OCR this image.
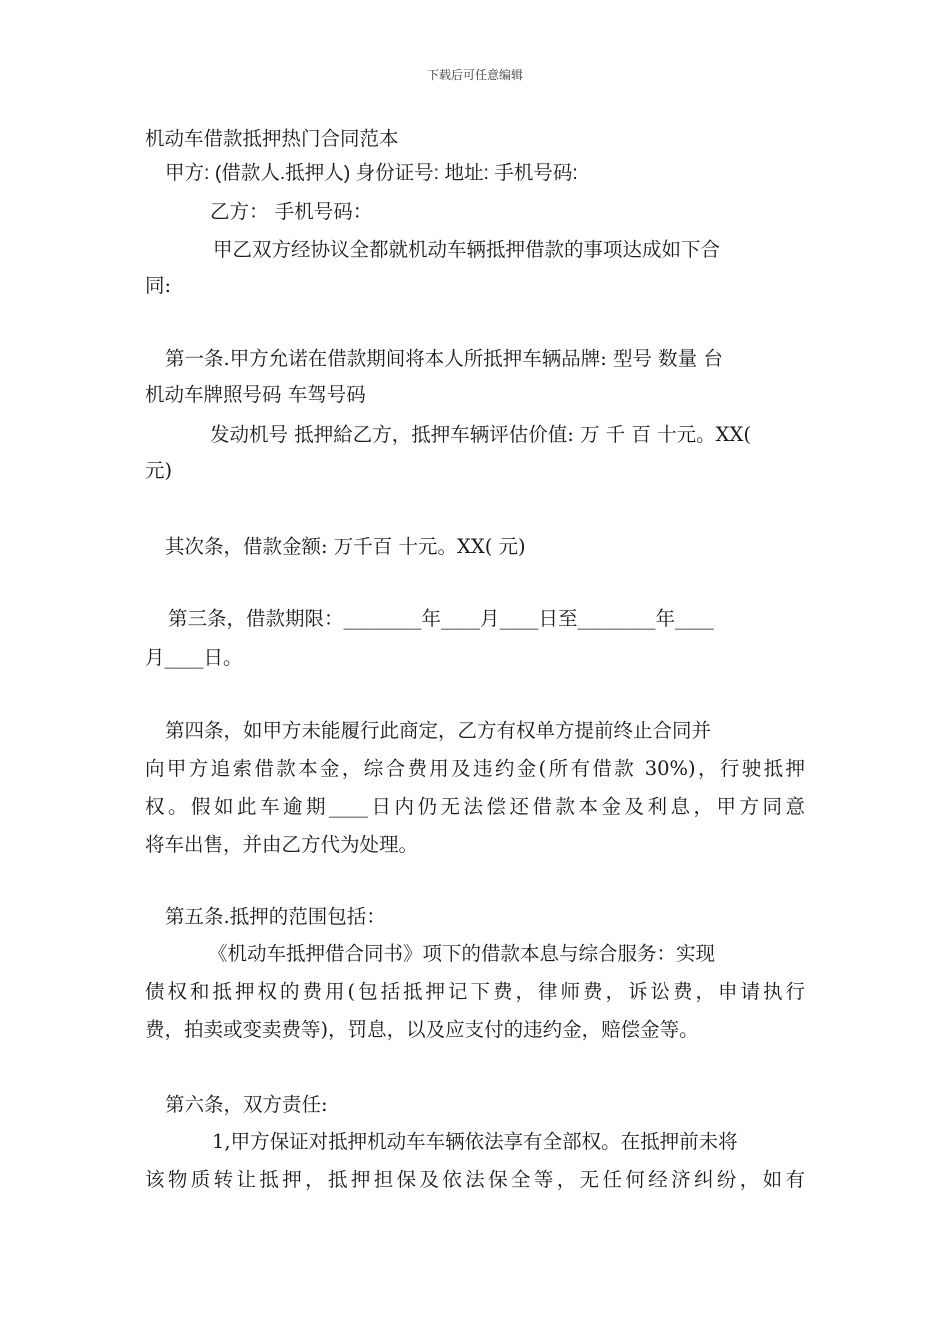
下载后可任意编辑
机动车借款抵押热门合同范本
甲方: (借款人.抵押人) 身份证号: 地址: 手机号码:
乙方： 手机号码：
甲乙双方经协议全都就机动车辆抵押借款的事项达成如下合
同:
第一条.甲方允诺在借款期间将本人所抵押车辆品牌: 型号 数量 台
机动车牌照号码 车驾号码
发动机号 抵押給乙方，抵押车辆评估价值: 万 千 百 十元。XX(
元)
其次条，借款金额: 万千百 十元。XX( 元)
第三条，借款期限：________年____月____日至________年____
月____日。
第四条，如甲方未能履行此商定，乙方有权单方提前终止合同并
向甲方追索借款本金，综合费用及违约金(所有借款 30%)，行驶抵押
权。假如此车逾期____日内仍无法偿还借款本金及利息，甲方同意
将车出售，并由乙方代为处理。
第五条.抵押的范围包括：
《机动车抵押借合同书》项下的借款本息与综合服务：实现
债权和抵押权的费用(包括抵押记下费，律师费，诉讼费，申请执行
费，拍卖或变卖费等)，罚息，以及应支付的违约金，赔偿金等。
第六条，双方责任:
1,甲方保证对抵押机动车车辆依法享有全部权。在抵押前未将
该物质转让抵押，抵押担保及依法保全等，无任何经济纠纷，如有
